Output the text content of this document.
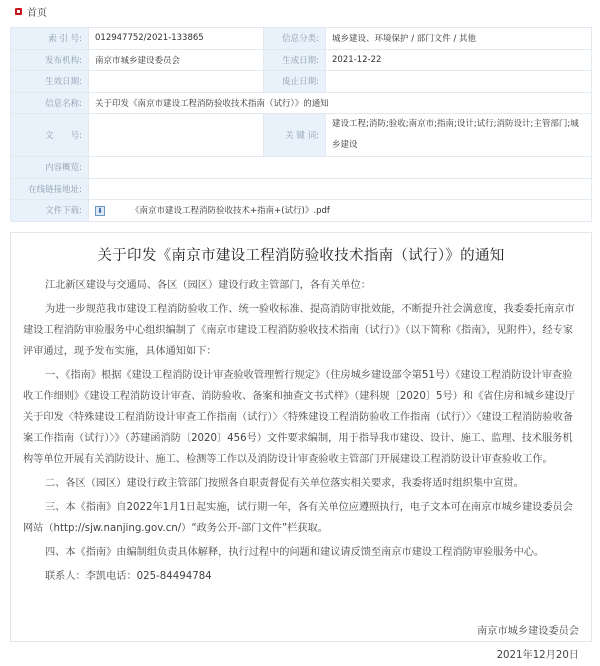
首页
索 引 号:	012947752/2021-133865	信息分类:	城乡建设、环境保护 / 部门文件 / 其他
发布机构:	南京市城乡建设委员会	生成日期:	2021-12-22
生效日期:		废止日期:	
信息名称:	关于印发《南京市建设工程消防验收技术指南（试行）》的通知		
文　　号:		关 键 词:	建设工程;消防;验收;南京市;指南;设计;试行;消防设计;主管部门;城乡建设
内容概览:			
在线链接地址:			
文件下载:	⬇ 《南京市建设工程消防验收技术+指南+(试行)》.pdf		
关于印发《南京市建设工程消防验收技术指南（试行）》的通知

江北新区建设与交通局、各区（园区）建设行政主管部门，各有关单位：

为进一步规范我市建设工程消防验收工作、统一验收标准、提高消防审批效能，不断提升社会满意度，我委委托南京市建设工程消防审验服务中心组织编制了《南京市建设工程消防验收技术指南（试行）》（以下简称《指南》，见附件），经专家评审通过，现予发布实施，具体通知如下：

一、《指南》根据《建设工程消防设计审查验收管理暂行规定》（住房城乡建设部令第51号）《建设工程消防设计审查验收工作细则》《建设工程消防设计审查、消防验收、备案和抽查文书式样》（建科规〔2020〕5号）和《省住房和城乡建设厅关于印发〈特殊建设工程消防设计审查工作指南（试行）〉〈特殊建设工程消防验收工作指南（试行）〉〈建设工程消防验收备案工作指南（试行）〉》（苏建函消防〔2020〕456号）文件要求编制，用于指导我市建设、设计、施工、监理、技术服务机构等单位开展有关消防设计、施工、检测等工作以及消防设计审查验收主管部门开展建设工程消防设计审查验收工作。

二、各区（园区）建设行政主管部门按照各自职责督促有关单位落实相关要求，我委将适时组织集中宣贯。

三、本《指南》自2022年1月1日起实施，试行期一年，各有关单位应遵照执行，电子文本可在南京市城乡建设委员会网站（http://sjw.nanjing.gov.cn/）“政务公开-部门文件”栏获取。

四、本《指南》由编制组负责具体解释，执行过程中的问题和建议请反馈至南京市建设工程消防审验服务中心。

联系人：李凯电话：025-84494784

南京市城乡建设委员会

2021年12月20日
